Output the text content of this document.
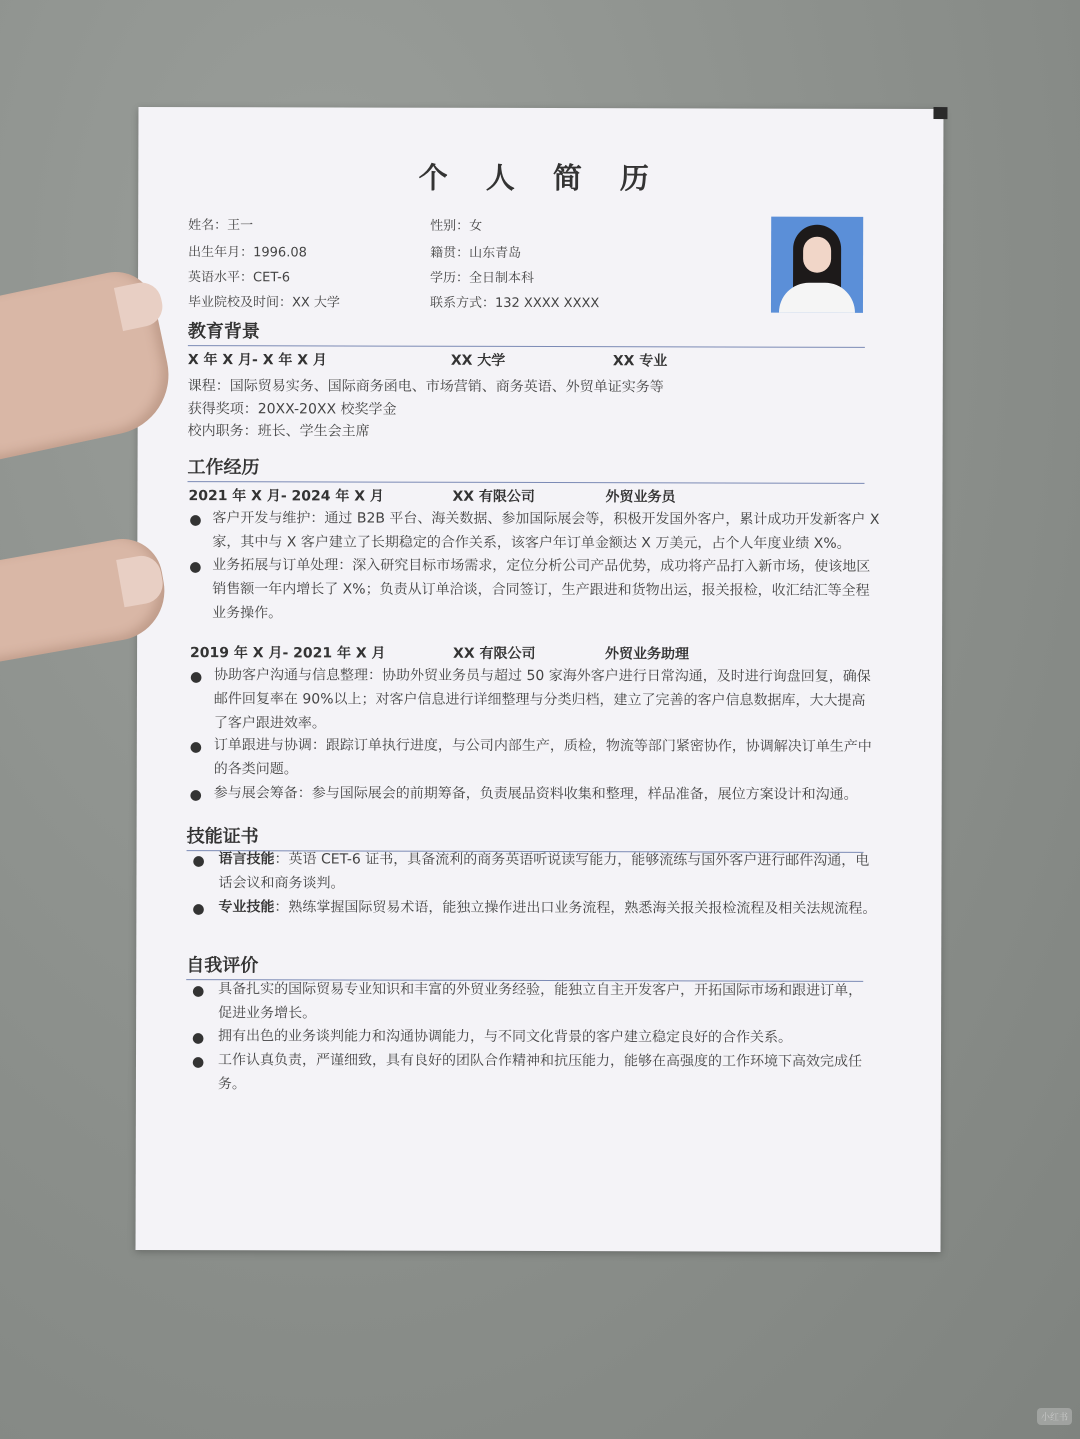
个 人 简 历
姓名：王一	性别：女
出生年月：1996.08	籍贯：山东青岛
英语水平：CET-6	学历：全日制本科
毕业院校及时间：XX 大学	联系方式：132 XXXX XXXX
教育背景
X 年 X 月- X 年 X 月	XX 大学	XX 专业
课程：国际贸易实务、国际商务函电、市场营销、商务英语、外贸单证实务等
获得奖项：20XX-20XX 校奖学金
校内职务：班长、学生会主席
工作经历
2021 年 X 月- 2024 年 X 月	XX 有限公司	外贸业务员
● 客户开发与维护：通过 B2B 平台、海关数据、参加国际展会等，积极开发国外客户，累计成功开发新客户 X
家，其中与 X 客户建立了长期稳定的合作关系，该客户年订单金额达 X 万美元，占个人年度业绩 X%。
● 业务拓展与订单处理：深入研究目标市场需求，定位分析公司产品优势，成功将产品打入新市场，使该地区
销售额一年内增长了 X%；负责从订单洽谈，合同签订，生产跟进和货物出运，报关报检，收汇结汇等全程
业务操作。
2019 年 X 月- 2021 年 X 月	XX 有限公司	外贸业务助理
● 协助客户沟通与信息整理：协助外贸业务员与超过 50 家海外客户进行日常沟通，及时进行询盘回复，确保
邮件回复率在 90%以上；对客户信息进行详细整理与分类归档，建立了完善的客户信息数据库，大大提高
了客户跟进效率。
● 订单跟进与协调：跟踪订单执行进度，与公司内部生产，质检，物流等部门紧密协作，协调解决订单生产中
的各类问题。
● 参与展会筹备：参与国际展会的前期筹备，负责展品资料收集和整理，样品准备，展位方案设计和沟通。
技能证书
● 语言技能：英语 CET-6 证书，具备流利的商务英语听说读写能力，能够流练与国外客户进行邮件沟通，电
话会议和商务谈判。
● 专业技能：熟练掌握国际贸易术语，能独立操作进出口业务流程，熟悉海关报关报检流程及相关法规流程。
自我评价
● 具备扎实的国际贸易专业知识和丰富的外贸业务经验，能独立自主开发客户，开拓国际市场和跟进订单，
促进业务增长。
● 拥有出色的业务谈判能力和沟通协调能力，与不同文化背景的客户建立稳定良好的合作关系。
● 工作认真负责，严谨细致，具有良好的团队合作精神和抗压能力，能够在高强度的工作环境下高效完成任
务。
小红书
